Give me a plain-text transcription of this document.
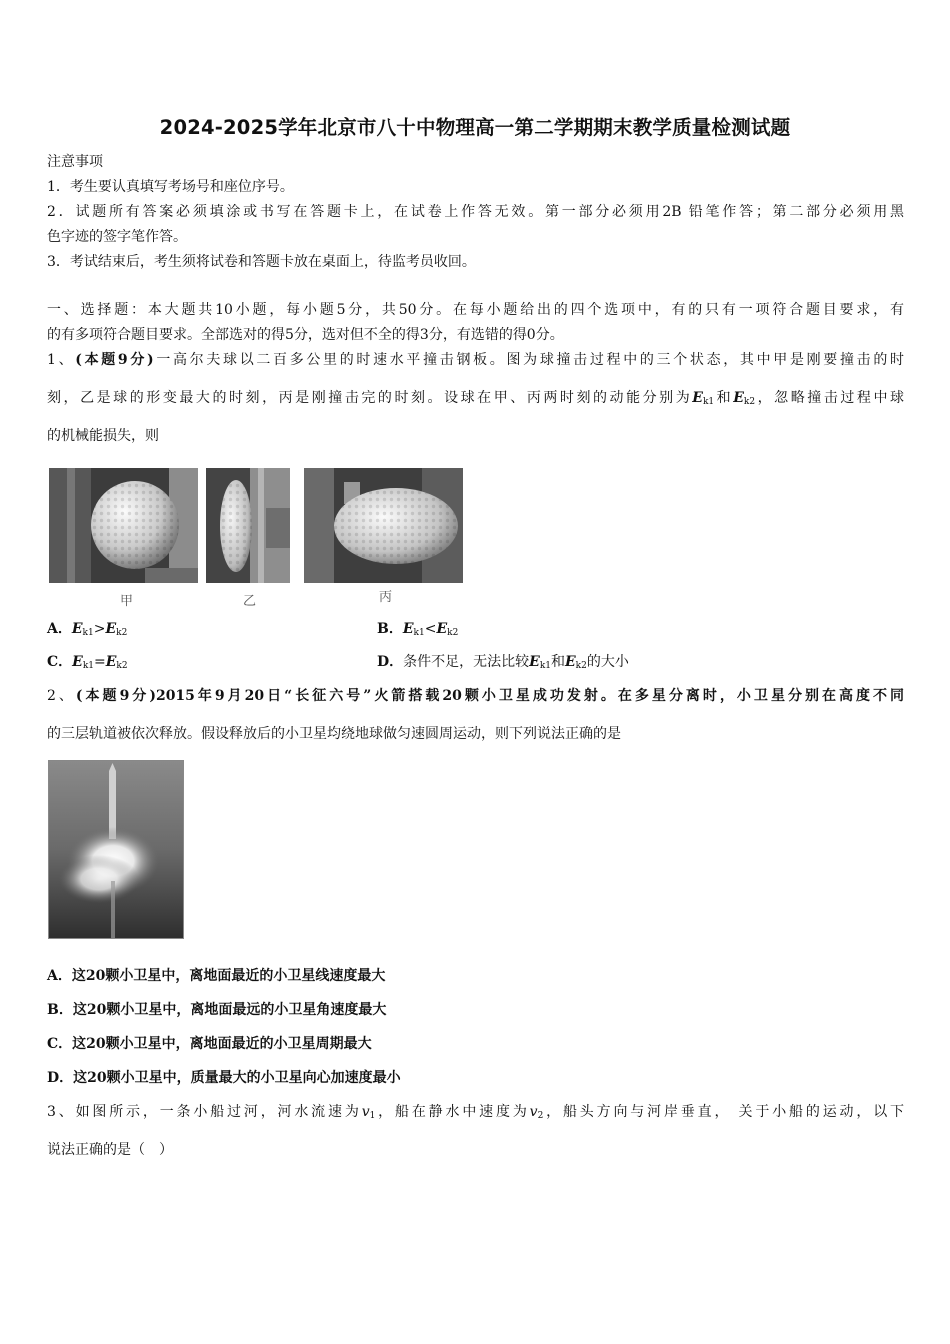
2024-2025学年北京市八十中物理高一第二学期期末教学质量检测试题
注意事项
1．考生要认真填写考场号和座位序号。
2．试题所有答案必须填涂或书写在答题卡上，在试卷上作答无效。第一部分必须用2B 铅笔作答；第二部分必须用黑
色字迹的签字笔作答。
3．考试结束后，考生须将试卷和答题卡放在桌面上，待监考员收回。
一、选择题：本大题共10小题，每小题5分，共50分。在每小题给出的四个选项中，有的只有一项符合题目要求，有
的有多项符合题目要求。全部选对的得5分，选对但不全的得3分，有选错的得0分。
1、(本题9分)一高尔夫球以二百多公里的时速水平撞击钢板。图为球撞击过程中的三个状态，其中甲是刚要撞击的时
刻，乙是球的形变最大的时刻，丙是刚撞击完的时刻。设球在甲、丙两时刻的动能分别为$E_{k1}$和$E_{k2}$，忽略撞击过程中球
的机械能损失，则
甲	乙	丙
A．$E_{k1}>E_{k2}$	B．$E_{k1}<E_{k2}$
C．$E_{k1}=E_{k2}$	D．条件不足，无法比较$E_{k1}$和$E_{k2}$的大小
2、(本题9分)2015年9月20日“长征六号”火箭搭载20颗小卫星成功发射。在多星分离时，小卫星分别在高度不同
的三层轨道被依次释放。假设释放后的小卫星均绕地球做匀速圆周运动，则下列说法正确的是
A．这20颗小卫星中，离地面最近的小卫星线速度最大
B．这20颗小卫星中，离地面最远的小卫星角速度最大
C．这20颗小卫星中，离地面最近的小卫星周期最大
D．这20颗小卫星中，质量最大的小卫星向心加速度最小
3、如图所示，一条小船过河，河水流速为$v_1$，船在静水中速度为$v_2$，船头方向与河岸垂直， 关于小船的运动，以下
说法正确的是（　）
